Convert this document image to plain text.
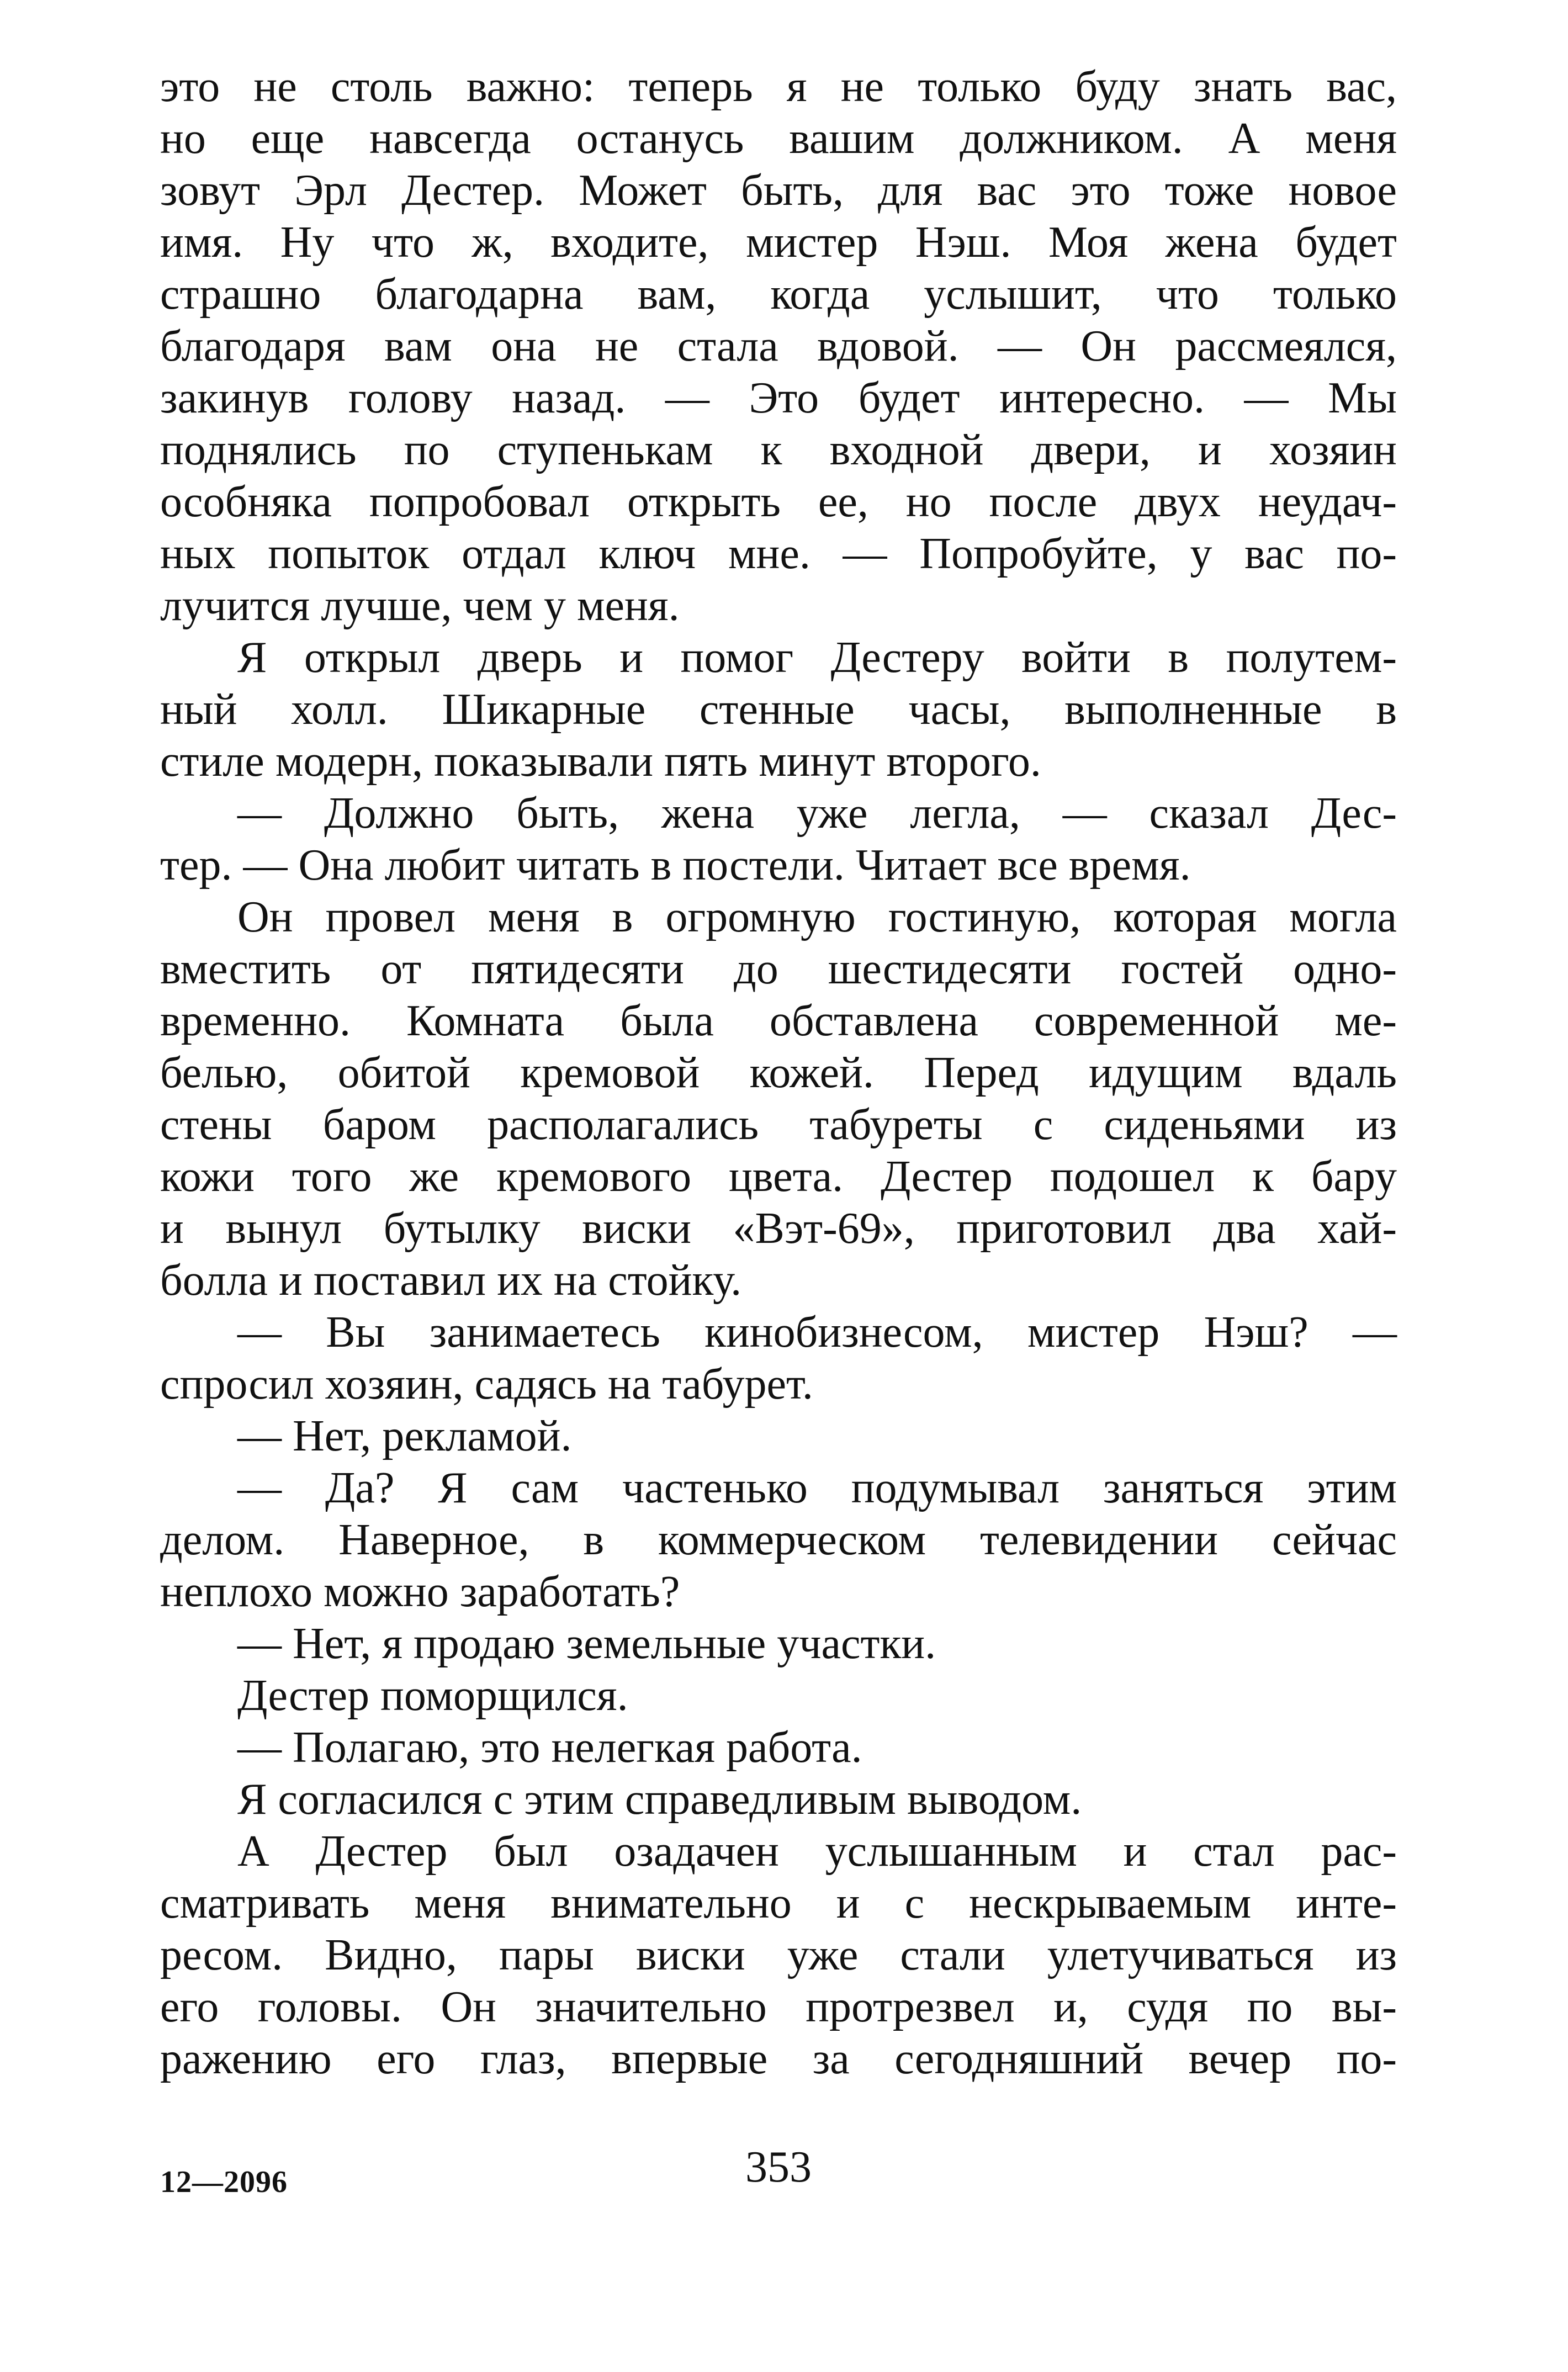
это не столь важно: теперь я не только буду знать вас,
но еще навсегда останусь вашим должником. А меня
зовут Эрл Дестер. Может быть, для вас это тоже новое
имя. Ну что ж, входите, мистер Нэш. Моя жена будет
страшно благодарна вам, когда услышит, что только
благодаря вам она не стала вдовой. — Он рассмеялся,
закинув голову назад. — Это будет интересно. — Мы
поднялись по ступенькам к входной двери, и хозяин
особняка попробовал открыть ее, но после двух неудач-
ных попыток отдал ключ мне. — Попробуйте, у вас по-
лучится лучше, чем у меня.
Я открыл дверь и помог Дестеру войти в полутем-
ный холл. Шикарные стенные часы, выполненные в
стиле модерн, показывали пять минут второго.
— Должно быть, жена уже легла, — сказал Дес-
тер. — Она любит читать в постели. Читает все время.
Он провел меня в огромную гостиную, которая могла
вместить от пятидесяти до шестидесяти гостей одно-
временно. Комната была обставлена современной ме-
белью, обитой кремовой кожей. Перед идущим вдаль
стены баром располагались табуреты с сиденьями из
кожи того же кремового цвета. Дестер подошел к бару
и вынул бутылку виски «Вэт-69», приготовил два хай-
болла и поставил их на стойку.
— Вы занимаетесь кинобизнесом, мистер Нэш? —
спросил хозяин, садясь на табурет.
— Нет, рекламой.
— Да? Я сам частенько подумывал заняться этим
делом. Наверное, в коммерческом телевидении сейчас
неплохо можно заработать?
— Нет, я продаю земельные участки.
Дестер поморщился.
— Полагаю, это нелегкая работа.
Я согласился с этим справедливым выводом.
А Дестер был озадачен услышанным и стал рас-
сматривать меня внимательно и с нескрываемым инте-
ресом. Видно, пары виски уже стали улетучиваться из
его головы. Он значительно протрезвел и, судя по вы-
ражению его глаз, впервые за сегодняшний вечер по-
12—2096	353
